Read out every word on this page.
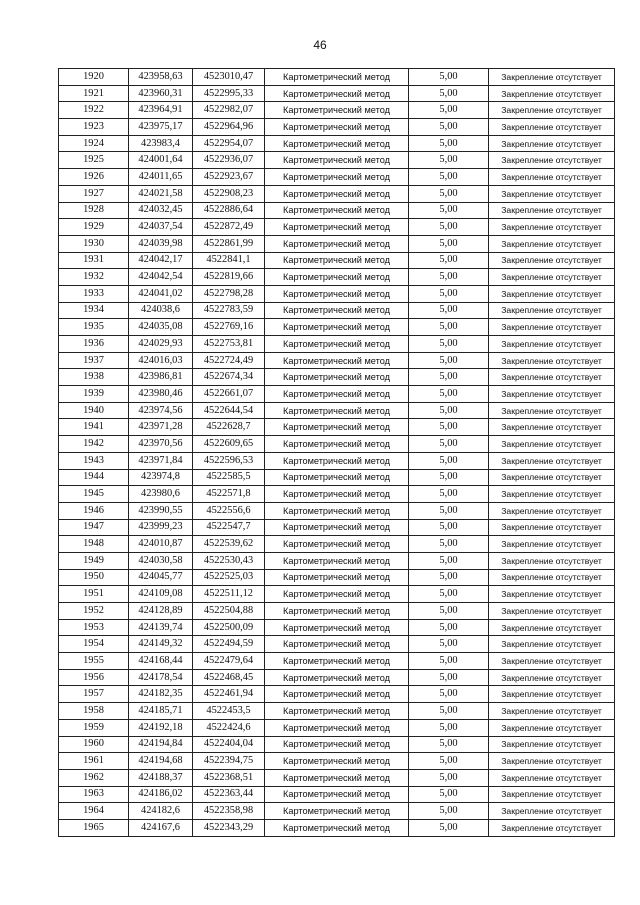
46
1920	423958,63	4523010,47	Картометрический метод	5,00	Закрепление отсутствует
1921	423960,31	4522995,33	Картометрический метод	5,00	Закрепление отсутствует
1922	423964,91	4522982,07	Картометрический метод	5,00	Закрепление отсутствует
1923	423975,17	4522964,96	Картометрический метод	5,00	Закрепление отсутствует
1924	423983,4	4522954,07	Картометрический метод	5,00	Закрепление отсутствует
1925	424001,64	4522936,07	Картометрический метод	5,00	Закрепление отсутствует
1926	424011,65	4522923,67	Картометрический метод	5,00	Закрепление отсутствует
1927	424021,58	4522908,23	Картометрический метод	5,00	Закрепление отсутствует
1928	424032,45	4522886,64	Картометрический метод	5,00	Закрепление отсутствует
1929	424037,54	4522872,49	Картометрический метод	5,00	Закрепление отсутствует
1930	424039,98	4522861,99	Картометрический метод	5,00	Закрепление отсутствует
1931	424042,17	4522841,1	Картометрический метод	5,00	Закрепление отсутствует
1932	424042,54	4522819,66	Картометрический метод	5,00	Закрепление отсутствует
1933	424041,02	4522798,28	Картометрический метод	5,00	Закрепление отсутствует
1934	424038,6	4522783,59	Картометрический метод	5,00	Закрепление отсутствует
1935	424035,08	4522769,16	Картометрический метод	5,00	Закрепление отсутствует
1936	424029,93	4522753,81	Картометрический метод	5,00	Закрепление отсутствует
1937	424016,03	4522724,49	Картометрический метод	5,00	Закрепление отсутствует
1938	423986,81	4522674,34	Картометрический метод	5,00	Закрепление отсутствует
1939	423980,46	4522661,07	Картометрический метод	5,00	Закрепление отсутствует
1940	423974,56	4522644,54	Картометрический метод	5,00	Закрепление отсутствует
1941	423971,28	4522628,7	Картометрический метод	5,00	Закрепление отсутствует
1942	423970,56	4522609,65	Картометрический метод	5,00	Закрепление отсутствует
1943	423971,84	4522596,53	Картометрический метод	5,00	Закрепление отсутствует
1944	423974,8	4522585,5	Картометрический метод	5,00	Закрепление отсутствует
1945	423980,6	4522571,8	Картометрический метод	5,00	Закрепление отсутствует
1946	423990,55	4522556,6	Картометрический метод	5,00	Закрепление отсутствует
1947	423999,23	4522547,7	Картометрический метод	5,00	Закрепление отсутствует
1948	424010,87	4522539,62	Картометрический метод	5,00	Закрепление отсутствует
1949	424030,58	4522530,43	Картометрический метод	5,00	Закрепление отсутствует
1950	424045,77	4522525,03	Картометрический метод	5,00	Закрепление отсутствует
1951	424109,08	4522511,12	Картометрический метод	5,00	Закрепление отсутствует
1952	424128,89	4522504,88	Картометрический метод	5,00	Закрепление отсутствует
1953	424139,74	4522500,09	Картометрический метод	5,00	Закрепление отсутствует
1954	424149,32	4522494,59	Картометрический метод	5,00	Закрепление отсутствует
1955	424168,44	4522479,64	Картометрический метод	5,00	Закрепление отсутствует
1956	424178,54	4522468,45	Картометрический метод	5,00	Закрепление отсутствует
1957	424182,35	4522461,94	Картометрический метод	5,00	Закрепление отсутствует
1958	424185,71	4522453,5	Картометрический метод	5,00	Закрепление отсутствует
1959	424192,18	4522424,6	Картометрический метод	5,00	Закрепление отсутствует
1960	424194,84	4522404,04	Картометрический метод	5,00	Закрепление отсутствует
1961	424194,68	4522394,75	Картометрический метод	5,00	Закрепление отсутствует
1962	424188,37	4522368,51	Картометрический метод	5,00	Закрепление отсутствует
1963	424186,02	4522363,44	Картометрический метод	5,00	Закрепление отсутствует
1964	424182,6	4522358,98	Картометрический метод	5,00	Закрепление отсутствует
1965	424167,6	4522343,29	Картометрический метод	5,00	Закрепление отсутствует
